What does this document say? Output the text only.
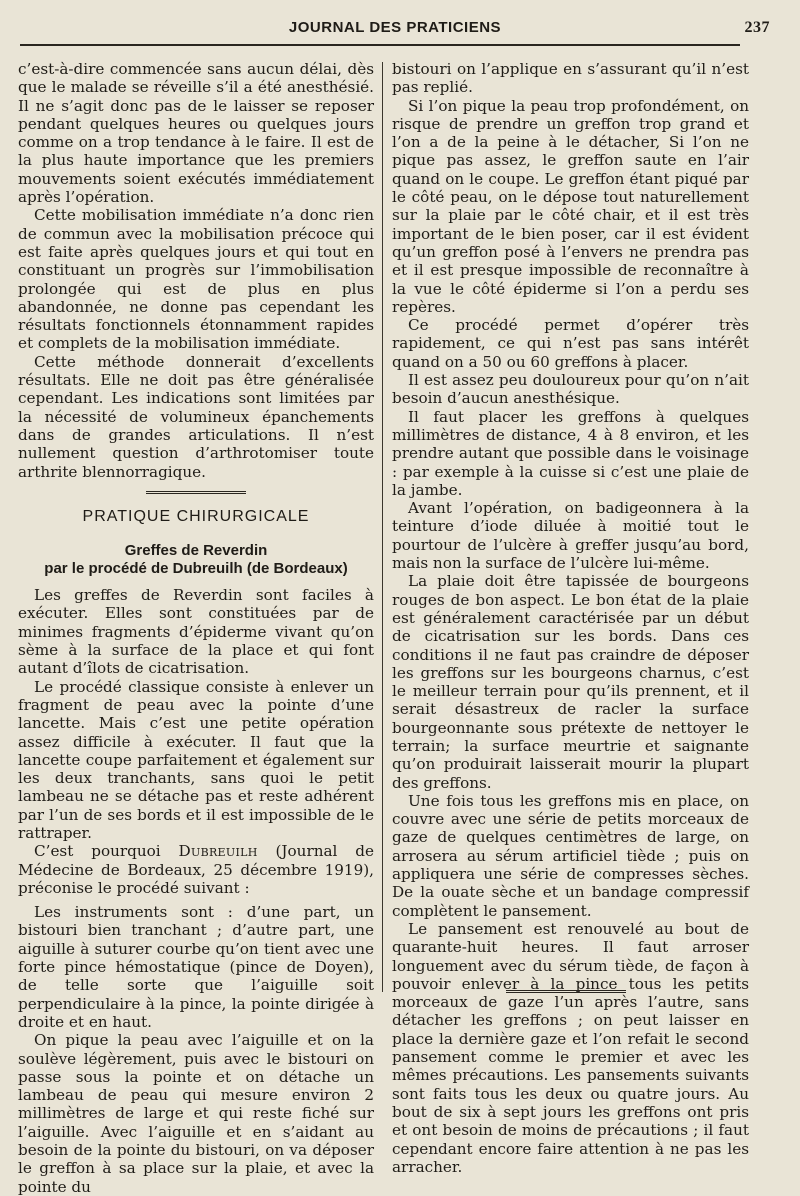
JOURNAL DES PRATICIENS	237

c’est-à-dire commencée sans aucun délai, dès que le malade se réveille s’il a été anesthésié. Il ne s’agit donc pas de le laisser se reposer pendant quelques heures ou quelques jours comme on a trop tendance à le faire. Il est de la plus haute importance que les premiers mouvements soient exécutés immédiatement après l’opération.

Cette mobilisation immédiate n’a donc rien de commun avec la mobilisation précoce qui est faite après quelques jours et qui tout en constituant un progrès sur l’immobilisation prolongée qui est de plus en plus abandonnée, ne donne pas cependant les résultats fonctionnels étonnamment rapides et complets de la mobilisation immédiate.

Cette méthode donnerait d’excellents résultats. Elle ne doit pas être généralisée cependant. Les indications sont limitées par la nécessité de volumineux épanchements dans de grandes articulations. Il n’est nullement question d’arthrotomiser toute arthrite blennorragique.

PRATIQUE CHIRURGICALE
Greffes de Reverdin
par le procédé de Dubreuilh (de Bordeaux)

Les greffes de Reverdin sont faciles à exécuter. Elles sont constituées par de minimes fragments d’épiderme vivant qu’on sème à la surface de la place et qui font autant d’îlots de cicatrisation.

Le procédé classique consiste à enlever un fragment de peau avec la pointe d’une lancette. Mais c’est une petite opération assez difficile à exécuter. Il faut que la lancette coupe parfaitement et également sur les deux tranchants, sans quoi le petit lambeau ne se détache pas et reste adhérent par l’un de ses bords et il est impossible de le rattraper.

C’est pourquoi Dubreuilh (Journal de Médecine de Bordeaux, 25 décembre 1919), préconise le procédé suivant :

Les instruments sont : d’une part, un bistouri bien tranchant ; d’autre part, une aiguille à suturer courbe qu’on tient avec une forte pince hémostatique (pince de Doyen), de telle sorte que l’aiguille soit perpendiculaire à la pince, la pointe dirigée à droite et en haut.

On pique la peau avec l’aiguille et on la soulève légèrement, puis avec le bistouri on passe sous la pointe et on détache un lambeau de peau qui mesure environ 2 millimètres de large et qui reste fiché sur l’aiguille. Avec l’aiguille et en s’aidant au besoin de la pointe du bistouri, on va déposer le greffon à sa place sur la plaie, et avec la pointe du

bistouri on l’applique en s’assurant qu’il n’est pas replié.

Si l’on pique la peau trop profondément, on risque de prendre un greffon trop grand et l’on a de la peine à le détacher, Si l’on ne pique pas assez, le greffon saute en l’air quand on le coupe. Le greffon étant piqué par le côté peau, on le dépose tout naturellement sur la plaie par le côté chair, et il est très important de le bien poser, car il est évident qu’un greffon posé à l’envers ne prendra pas et il est presque impossible de reconnaître à la vue le côté épiderme si l’on a perdu ses repères.

Ce procédé permet d’opérer très rapidement, ce qui n’est pas sans intérêt quand on a 50 ou 60 greffons à placer.

Il est assez peu douloureux pour qu’on n’ait besoin d’aucun anesthésique.

Il faut placer les greffons à quelques millimètres de distance, 4 à 8 environ, et les prendre autant que possible dans le voisinage : par exemple à la cuisse si c’est une plaie de la jambe.

Avant l’opération, on badigeonnera à la teinture d’iode diluée à moitié tout le pourtour de l’ulcère à greffer jusqu’au bord, mais non la surface de l’ulcère lui-même.

La plaie doit être tapissée de bourgeons rouges de bon aspect. Le bon état de la plaie est généralement caractérisée par un début de cicatrisation sur les bords. Dans ces conditions il ne faut pas craindre de déposer les greffons sur les bourgeons charnus, c’est le meilleur terrain pour qu’ils prennent, et il serait désastreux de racler la surface bourgeonnante sous prétexte de nettoyer le terrain; la surface meurtrie et saignante qu’on produirait laisserait mourir la plupart des greffons.

Une fois tous les greffons mis en place, on couvre avec une série de petits morceaux de gaze de quelques centimètres de large, on arrosera au sérum artificiel tiède ; puis on appliquera une série de compresses sèches. De la ouate sèche et un bandage compressif complètent le pansement.

Le pansement est renouvelé au bout de quarante-huit heures. Il faut arroser longuement avec du sérum tiède, de façon à pouvoir enlever à la pince tous les petits morceaux de gaze l’un après l’autre, sans détacher les greffons ; on peut laisser en place la dernière gaze et l’on refait le second pansement comme le premier et avec les mêmes précautions. Les pansements suivants sont faits tous les deux ou quatre jours. Au bout de six à sept jours les greffons ont pris et ont besoin de moins de précautions ; il faut cependant encore faire attention à ne pas les arracher.
